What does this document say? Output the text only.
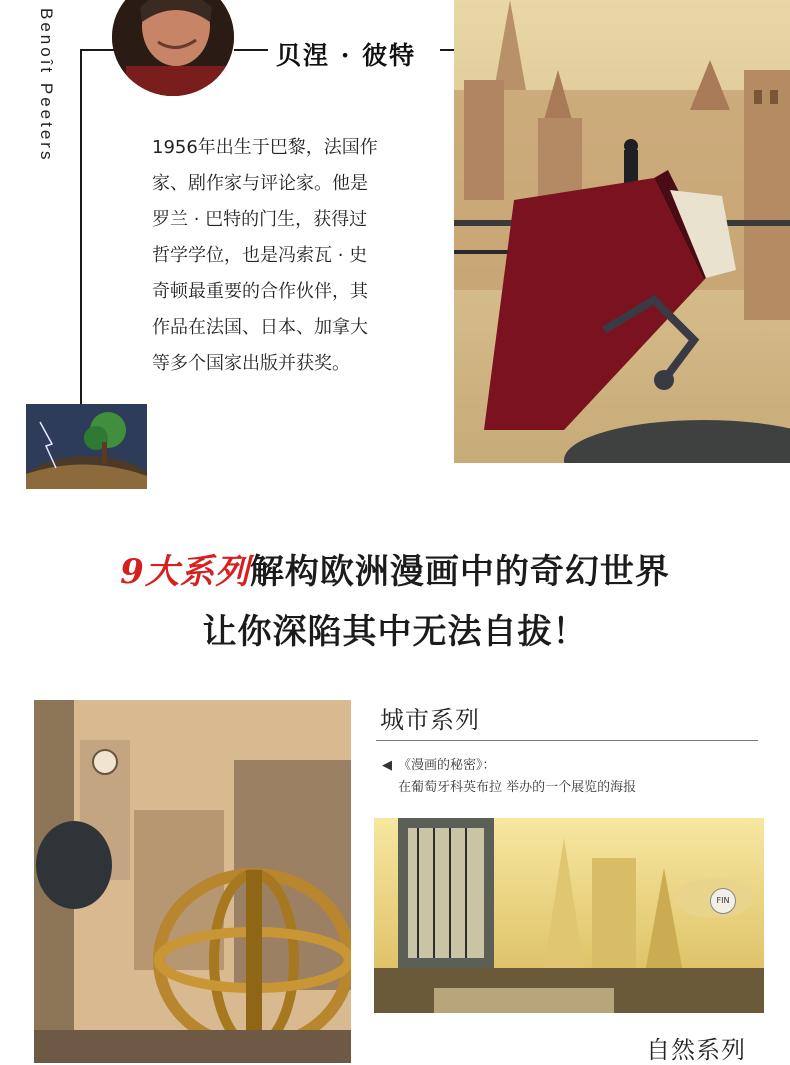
Benoît Peeters	贝涅 · 彼特
1956年出生于巴黎，法国作
家、剧作家与评论家。他是
罗兰 · 巴特的门生，获得过
哲学学位，也是冯索瓦 · 史
奇顿最重要的合作伙伴，其
作品在法国、日本、加拿大
等多个国家出版并获奖。
9大系列解构欧洲漫画中的奇幻世界
让你深陷其中无法自拔！
城市系列
◀ 《漫画的秘密》：
在葡萄牙科英布拉 举办的一个展览的海报
FIN
自然系列
